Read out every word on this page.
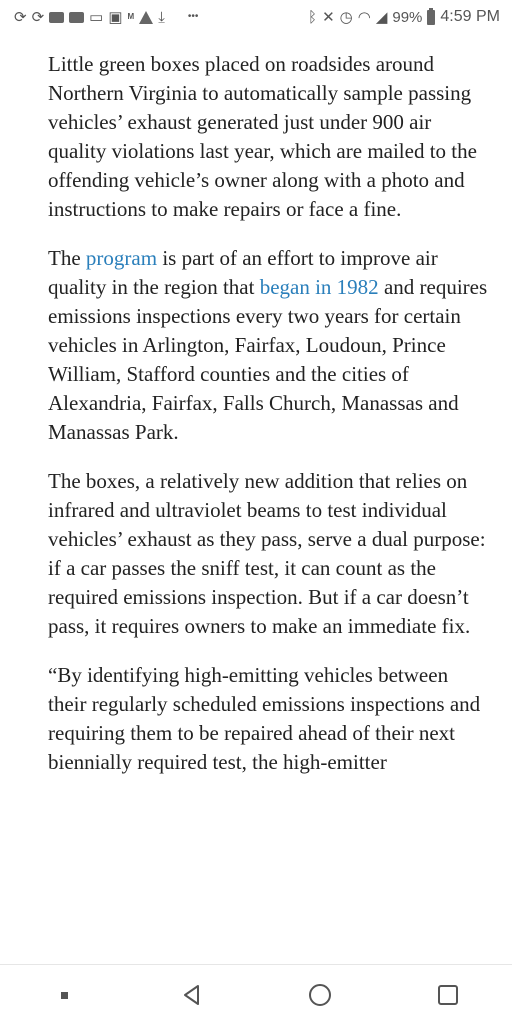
⟳ ⟳	▭ ▣ M ⤓ •••	ᛒ ✕ ◷ ◠ ◢ 99% 4:59 PM

Little green boxes placed on roadsides around Northern Virginia to automatically sample passing vehicles’ exhaust generated just under 900 air quality violations last year, which are mailed to the offending vehicle’s owner along with a photo and instructions to make repairs or face a fine.

The program is part of an effort to improve air quality in the region that began in 1982 and requires emissions inspections every two years for certain vehicles in Arlington, Fairfax, Loudoun, Prince William, Stafford counties and the cities of Alexandria, Fairfax, Falls Church, Manassas and Manassas Park.

The boxes, a relatively new addition that relies on infrared and ultraviolet beams to test individual vehicles’ exhaust as they pass, serve a dual purpose: if a car passes the sniff test, it can count as the required emissions inspection. But if a car doesn’t pass, it requires owners to make an immediate fix.

“By identifying high-emitting vehicles between their regularly scheduled emissions inspections and requiring them to be repaired ahead of their next biennially required test, the high-emitter
